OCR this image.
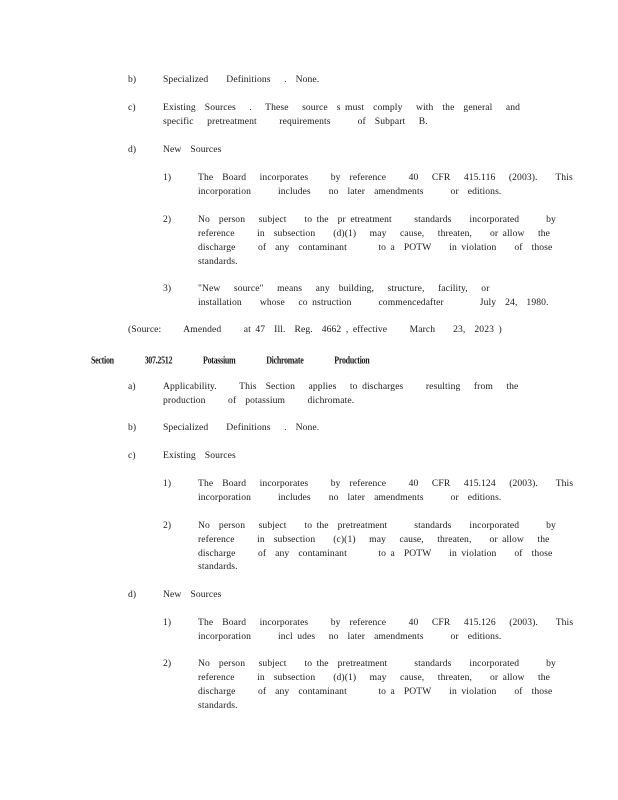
b)	Specialized    Definitions   .  None.
c)	Existing  Sources   .   These   source  s must  comply   with  the  general   and
specific   pretreatment     requirements      of  Subpart   B.
d)	New  Sources
1)	The  Board   incorporates     by  reference     40   CFR   415.116   (2003).    This
incorporation      includes    no  later  amendments      or  editions.
2)	No  person   subject    to the  pr etreatment     standards    incorporated      by
reference     in  subsection    (d)(1)   may   cause,   threaten,    or allow   the
discharge     of  any  contaminant       to a  POTW    in violation    of  those
standards.
3)	"New   source"   means   any  building,   structure,   facility,   or
installation    whose   co nstruction      commencedafter        July  24,  1980.
(Source:     Amended     at 47  Ill.  Reg.  4662 , effective     March    23,  2023 )
Section    307.2512    Potassium    Dichromate    Production
a)	Applicability.     This  Section   applies   to discharges     resulting   from   the
production     of  potassium     dichromate.
b)	Specialized    Definitions   .  None.
c)	Existing  Sources
1)	The  Board   incorporates     by  reference     40   CFR   415.124   (2003).    This
incorporation      includes    no  later  amendments      or  editions.
2)	No  person   subject    to the  pretreatment      standards    incorporated      by
reference     in  subsection    (c)(1)   may   cause,   threaten,    or allow   the
discharge     of  any  contaminant       to a  POTW    in violation    of  those
standards.
d)	New  Sources
1)	The  Board   incorporates     by  reference     40   CFR   415.126   (2003).    This
incorporation      incl udes   no  later  amendments      or  editions.
2)	No  person   subject    to the  pretreatment      standards    incorporated      by
reference     in  subsection    (d)(1)   may   cause,   threaten,    or allow   the
discharge     of  any  contaminant       to a  POTW    in violation    of  those
standards.
